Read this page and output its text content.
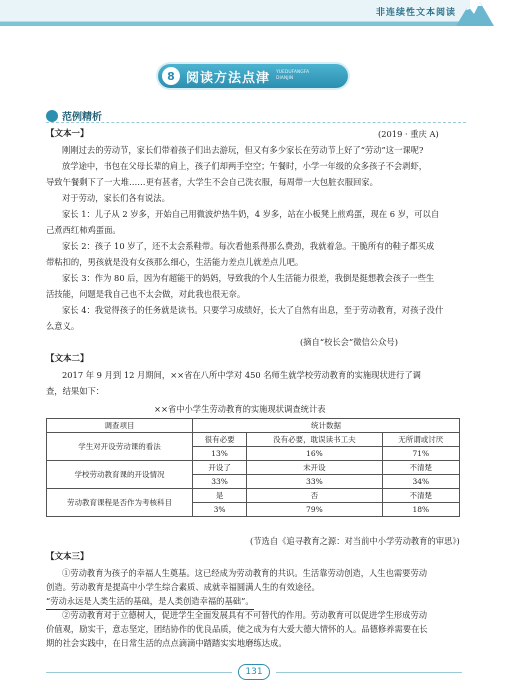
非连续性文本阅读
8 阅读方法点津 YUEDUFANGFA DIANJIN
范例精析
【文本一】	(2019 · 重庆 A)
刚刚过去的劳动节，家长们带着孩子们出去游玩，但又有多少家长在劳动节上好了“劳动”这一课呢?
放学途中，书包在父母长辈的肩上，孩子们却两手空空；午餐时，小学一年级的众多孩子不会剥虾，
导致午餐剩下了一大堆……更有甚者，大学生不会自己洗衣服，每周带一大包脏衣服回家。
对于劳动，家长们各有说法。
家长 1：儿子从 2 岁多，开始自己用微波炉热牛奶，4 岁多，站在小板凳上煎鸡蛋，现在 6 岁，可以自
己煮西红柿鸡蛋面。
家长 2：孩子 10 岁了，还不太会系鞋带。每次看他系得那么费劲，我就着急。干脆所有的鞋子都买成
带粘扣的，男孩就是没有女孩那么细心，生活能力差点儿就差点儿吧。
家长 3：作为 80 后，因为有超能干的妈妈，导致我的个人生活能力很差，我倒是挺想教会孩子一些生
活技能，问题是我自己也不太会做，对此我也很无奈。
家长 4：我觉得孩子的任务就是读书。只要学习成绩好，长大了自然有出息，至于劳动教育，对孩子没什
么意义。
(摘自“校长会”微信公众号)
【文本二】
2017 年 9 月到 12 月期间，××省在八所中学对 450 名师生就学校劳动教育的实施现状进行了调
查，结果如下：
××省中小学生劳动教育的实施现状调查统计表
调查项目	统计数据		
学生对开设劳动课的看法	很有必要	没有必要，耽误读书工夫	无所谓或讨厌
	13%	16%	71%
学校劳动教育课的开设情况	开设了	未开设	不清楚
	33%	33%	34%
劳动教育课程是否作为考核科目	是	否	不清楚
	3%	79%	18%
(节选自《追寻教育之源：对当前中小学劳动教育的审思》)
【文本三】
①劳动教育为孩子的幸福人生奠基。这已经成为劳动教育的共识。生活靠劳动创造，人生也需要劳动
创造。劳动教育是提高中小学生综合素质、成就幸福圆满人生的有效途径。
“劳动永远是人类生活的基础，是人类创造幸福的基础”。
②劳动教育对于立德树人，促进学生全面发展具有不可替代的作用。劳动教育可以促进学生形成劳动
价值观，励实干，意志坚定，团结协作的优良品质，使之成为有大爱大德大情怀的人。品德修养需要在长
期的社会实践中，在日常生活的点点滴滴中踏踏实实地磨练达成。
131
